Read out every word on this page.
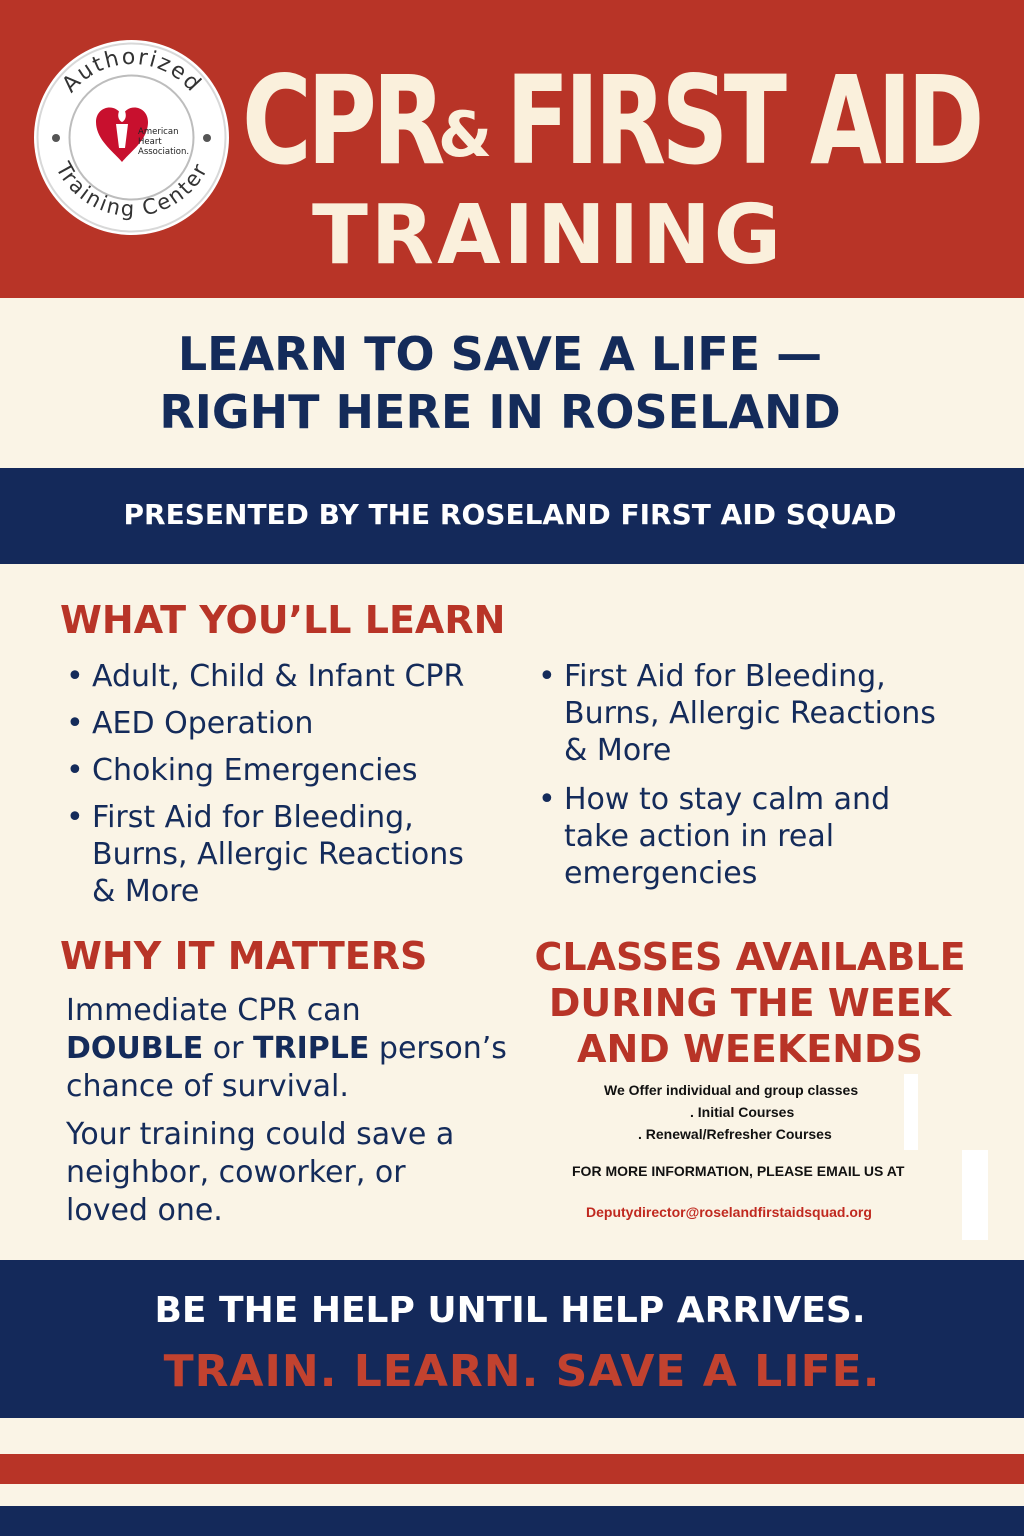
Authorized
Training Center
American
Heart
Association. CPR
& FIRST AID
TRAINING
LEARN TO SAVE A LIFE —
RIGHT HERE IN ROSELAND
PRESENTED BY THE ROSELAND FIRST AID SQUAD
WHAT YOU’LL LEARN
• Adult, Child & Infant CPR
• AED Operation
• Choking Emergencies
• First Aid for Bleeding, Burns, Allergic Reactions & More
• First Aid for Bleeding, Burns, Allergic Reactions & More
• How to stay calm and take action in real emergencies
WHY IT MATTERS
Immediate CPR can
DOUBLE or TRIPLE person’s
chance of survival.
Your training could save a
neighbor, coworker, or
loved one.
CLASSES AVAILABLE
DURING THE WEEK
AND WEEKENDS
We Offer individual and group classes
. Initial Courses
. Renewal/Refresher Courses
FOR MORE INFORMATION, PLEASE EMAIL US AT
Deputydirector@roselandfirstaidsquad.org
BE THE HELP UNTIL HELP ARRIVES.
TRAIN. LEARN. SAVE A LIFE.
